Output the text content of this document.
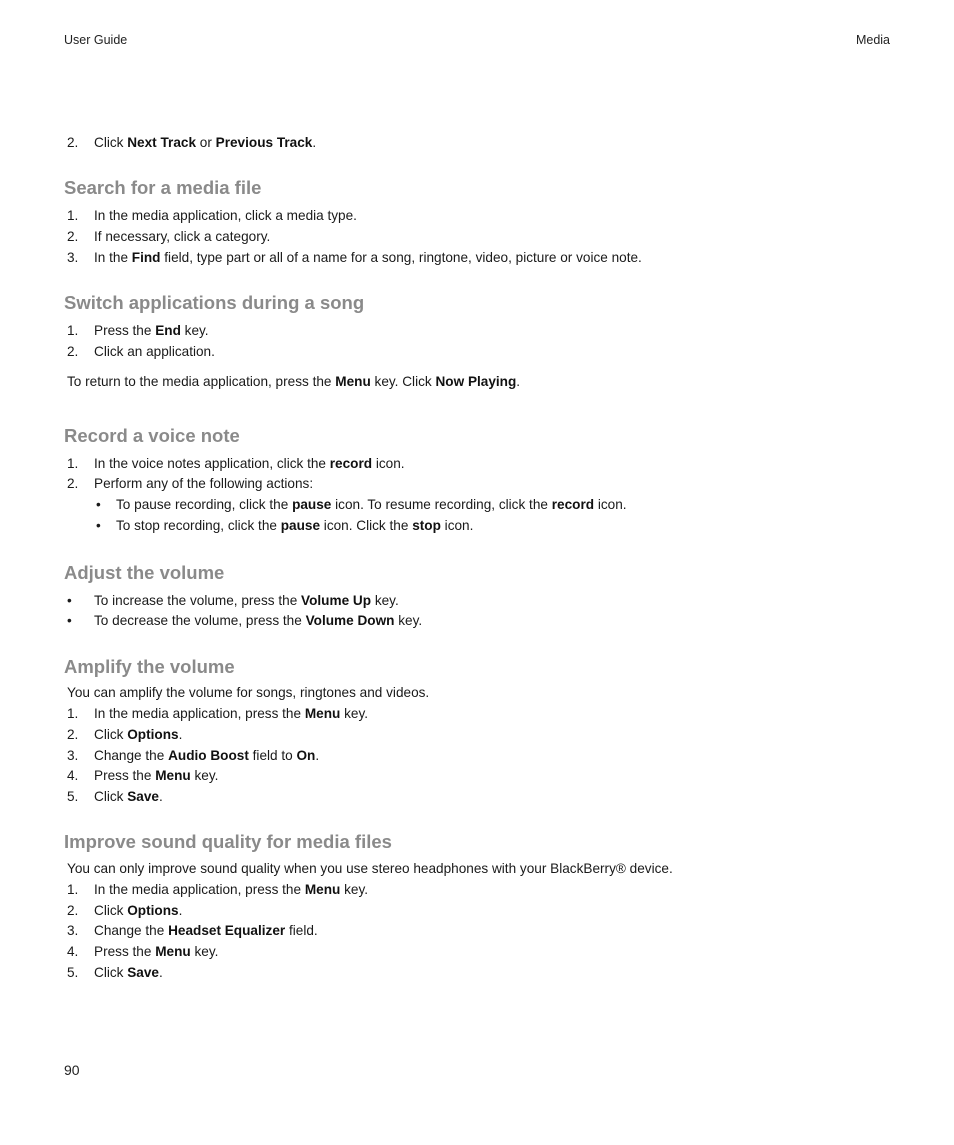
User Guide	Media
2. Click Next Track or Previous Track.
Search for a media file
1. In the media application, click a media type.
2. If necessary, click a category.
3. In the Find field, type part or all of a name for a song, ringtone, video, picture or voice note.
Switch applications during a song
1. Press the End key.
2. Click an application.
To return to the media application, press the Menu key. Click Now Playing.
Record a voice note
1. In the voice notes application, click the record icon.
2. Perform any of the following actions:
• To pause recording, click the pause icon. To resume recording, click the record icon.
• To stop recording, click the pause icon. Click the stop icon.
Adjust the volume
• To increase the volume, press the Volume Up key.
• To decrease the volume, press the Volume Down key.
Amplify the volume
You can amplify the volume for songs, ringtones and videos.
1. In the media application, press the Menu key.
2. Click Options.
3. Change the Audio Boost field to On.
4. Press the Menu key.
5. Click Save.
Improve sound quality for media files
You can only improve sound quality when you use stereo headphones with your BlackBerry® device.
1. In the media application, press the Menu key.
2. Click Options.
3. Change the Headset Equalizer field.
4. Press the Menu key.
5. Click Save.
90
